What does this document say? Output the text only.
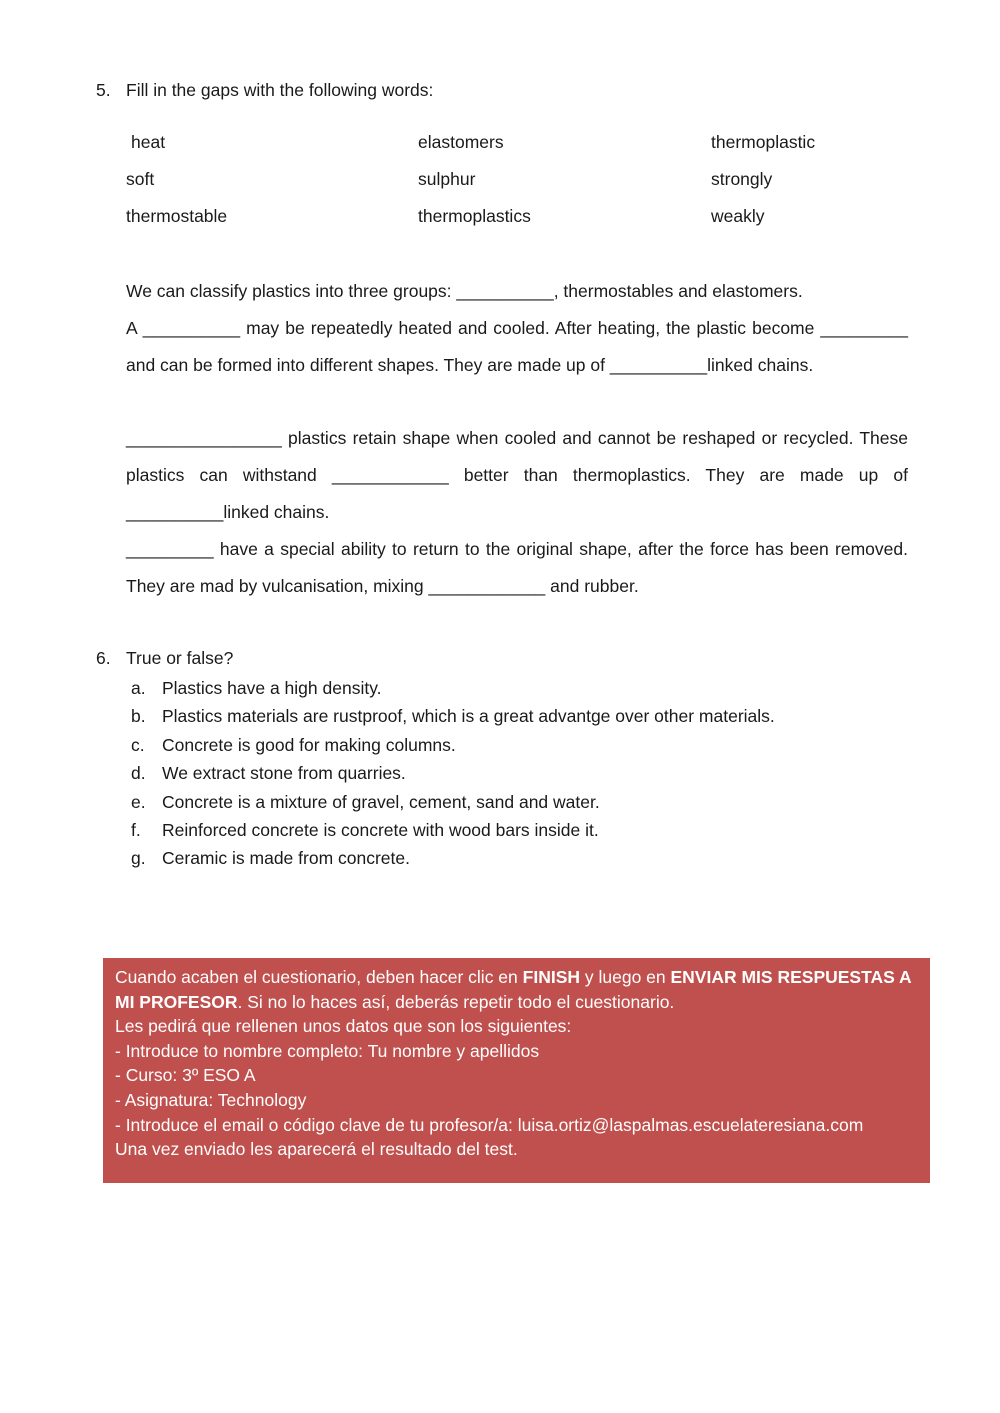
5. Fill in the gaps with the following words:
heat	elastomers	thermoplastic
soft	sulphur	strongly
thermostable	thermoplastics	weakly

We can classify plastics into three groups: __________, thermostables and elastomers.

A __________ may be repeatedly heated and cooled. After heating, the plastic become _________ and can be formed into different shapes. They are made up of __________linked chains.

________________ plastics retain shape when cooled and cannot be reshaped or recycled. These plastics can withstand ____________ better than thermoplastics. They are made up of __________linked chains.

_________ have a special ability to return to the original shape, after the force has been removed. They are mad by vulcanisation, mixing ____________ and rubber.

6. True or false?
a. Plastics have a high density.
b. Plastics materials are rustproof, which is a great advantge over other materials.
c. Concrete is good for making columns.
d. We extract stone from quarries.
e. Concrete is a mixture of gravel, cement, sand and water.
f. Reinforced concrete is concrete with wood bars inside it.
g. Ceramic is made from concrete.

Cuando acaben el cuestionario, deben hacer clic en FINISH y luego en ENVIAR MIS RESPUESTAS A MI PROFESOR. Si no lo haces así, deberás repetir todo el cuestionario.

Les pedirá que rellenen unos datos que son los siguientes:

- Introduce to nombre completo: Tu nombre y apellidos

- Curso: 3º ESO A

- Asignatura: Technology

- Introduce el email o código clave de tu profesor/a: luisa.ortiz@laspalmas.escuelateresiana.com

Una vez enviado les aparecerá el resultado del test.
